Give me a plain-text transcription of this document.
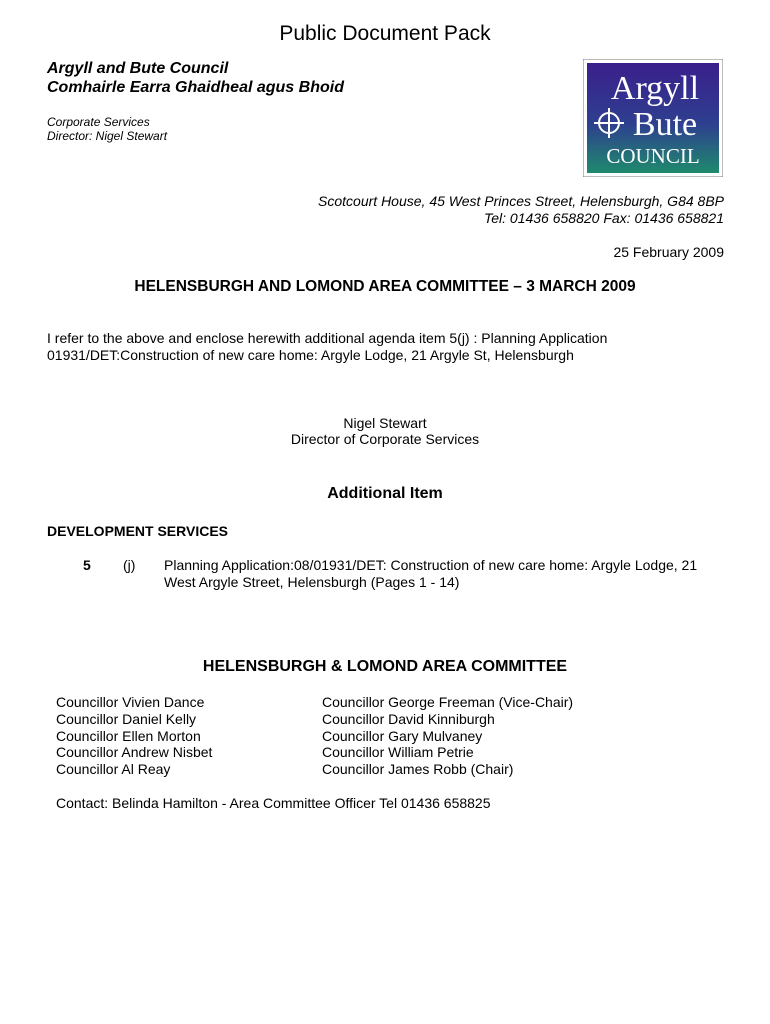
Public Document Pack
Argyll and Bute Council
Comhairle Earra Ghaidheal agus Bhoid
Corporate Services
Director: Nigel Stewart
Argyll
Bute
COUNCIL
Scotcourt House, 45 West Princes Street, Helensburgh, G84 8BP
Tel: 01436 658820 Fax: 01436 658821
25 February 2009
HELENSBURGH AND LOMOND AREA COMMITTEE – 3 MARCH 2009
I refer to the above and enclose herewith additional agenda item 5(j) : Planning Application 01931/DET:Construction of new care home: Argyle Lodge, 21 Argyle St, Helensburgh
Nigel Stewart
Director of Corporate Services
Additional Item
DEVELOPMENT SERVICES
5 (j) Planning Application:08/01931/DET: Construction of new care home: Argyle Lodge, 21 West Argyle Street, Helensburgh (Pages 1 - 14)
HELENSBURGH & LOMOND AREA COMMITTEE
Councillor Vivien Dance
Councillor Daniel Kelly
Councillor Ellen Morton
Councillor Andrew Nisbet
Councillor Al Reay
Councillor George Freeman (Vice-Chair)
Councillor David Kinniburgh
Councillor Gary Mulvaney
Councillor William Petrie
Councillor James Robb (Chair)
Contact: Belinda Hamilton - Area Committee Officer Tel 01436 658825
